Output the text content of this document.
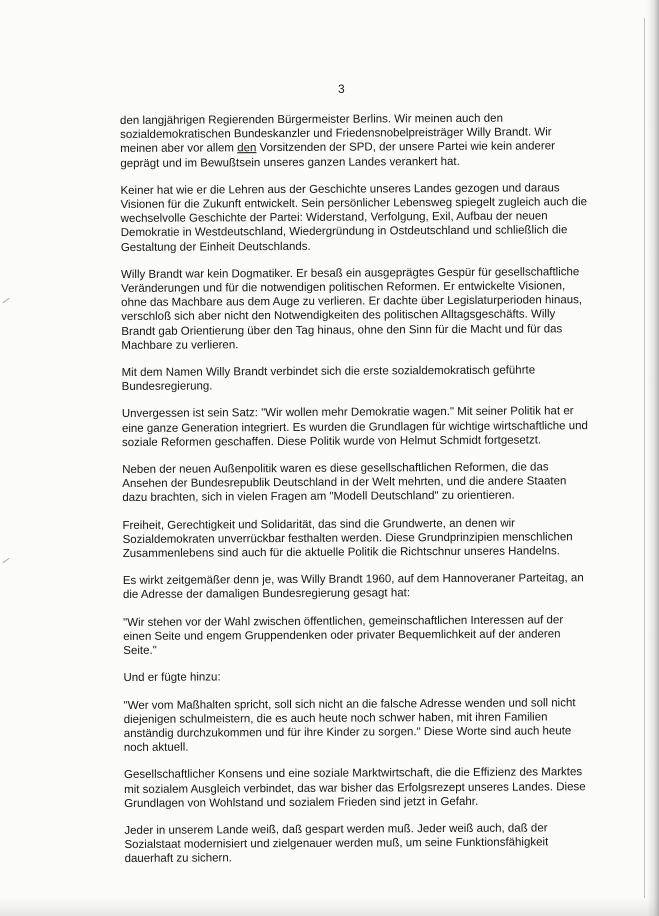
3

den langjährigen Regierenden Bürgermeister Berlins. Wir meinen auch den sozialdemokratischen Bundeskanzler und Friedensnobelpreisträger Willy Brandt. Wir meinen aber vor allem den Vorsitzenden der SPD, der unsere Partei wie kein anderer geprägt und im Bewußtsein unseres ganzen Landes verankert hat.

Keiner hat wie er die Lehren aus der Geschichte unseres Landes gezogen und daraus Visionen für die Zukunft entwickelt. Sein persönlicher Lebensweg spiegelt zugleich auch die wechselvolle Geschichte der Partei: Widerstand, Verfolgung, Exil, Aufbau der neuen Demokratie in Westdeutschland, Wiedergründung in Ostdeutschland und schließlich die Gestaltung der Einheit Deutschlands.

Willy Brandt war kein Dogmatiker. Er besaß ein ausgeprägtes Gespür für gesellschaftliche Veränderungen und für die notwendigen politischen Reformen. Er entwickelte Visionen, ohne das Machbare aus dem Auge zu verlieren. Er dachte über Legislaturperioden hinaus, verschloß sich aber nicht den Notwendigkeiten des politischen Alltagsgeschäfts. Willy Brandt gab Orientierung über den Tag hinaus, ohne den Sinn für die Macht und für das Machbare zu verlieren.

Mit dem Namen Willy Brandt verbindet sich die erste sozialdemokratisch geführte Bundesregierung.

Unvergessen ist sein Satz: "Wir wollen mehr Demokratie wagen." Mit seiner Politik hat er eine ganze Generation integriert. Es wurden die Grundlagen für wichtige wirtschaftliche und soziale Reformen geschaffen. Diese Politik wurde von Helmut Schmidt fortgesetzt.

Neben der neuen Außenpolitik waren es diese gesellschaftlichen Reformen, die das Ansehen der Bundesrepublik Deutschland in der Welt mehrten, und die andere Staaten dazu brachten, sich in vielen Fragen am "Modell Deutschland" zu orientieren.

Freiheit, Gerechtigkeit und Solidarität, das sind die Grundwerte, an denen wir Sozialdemokraten unverrückbar festhalten werden. Diese Grundprinzipien menschlichen Zusammenlebens sind auch für die aktuelle Politik die Richtschnur unseres Handelns.

Es wirkt zeitgemäßer denn je, was Willy Brandt 1960, auf dem Hannoveraner Parteitag, an die Adresse der damaligen Bundesregierung gesagt hat:

"Wir stehen vor der Wahl zwischen öffentlichen, gemeinschaftlichen Interessen auf der einen Seite und engem Gruppendenken oder privater Bequemlichkeit auf der anderen Seite."

Und er fügte hinzu:

"Wer vom Maßhalten spricht, soll sich nicht an die falsche Adresse wenden und soll nicht diejenigen schulmeistern, die es auch heute noch schwer haben, mit ihren Familien anständig durchzukommen und für ihre Kinder zu sorgen." Diese Worte sind auch heute noch aktuell.

Gesellschaftlicher Konsens und eine soziale Marktwirtschaft, die die Effizienz des Marktes mit sozialem Ausgleich verbindet, das war bisher das Erfolgsrezept unseres Landes. Diese Grundlagen von Wohlstand und sozialem Frieden sind jetzt in Gefahr.

Jeder in unserem Lande weiß, daß gespart werden muß. Jeder weiß auch, daß der Sozialstaat modernisiert und zielgenauer werden muß, um seine Funktionsfähigkeit dauerhaft zu sichern.
